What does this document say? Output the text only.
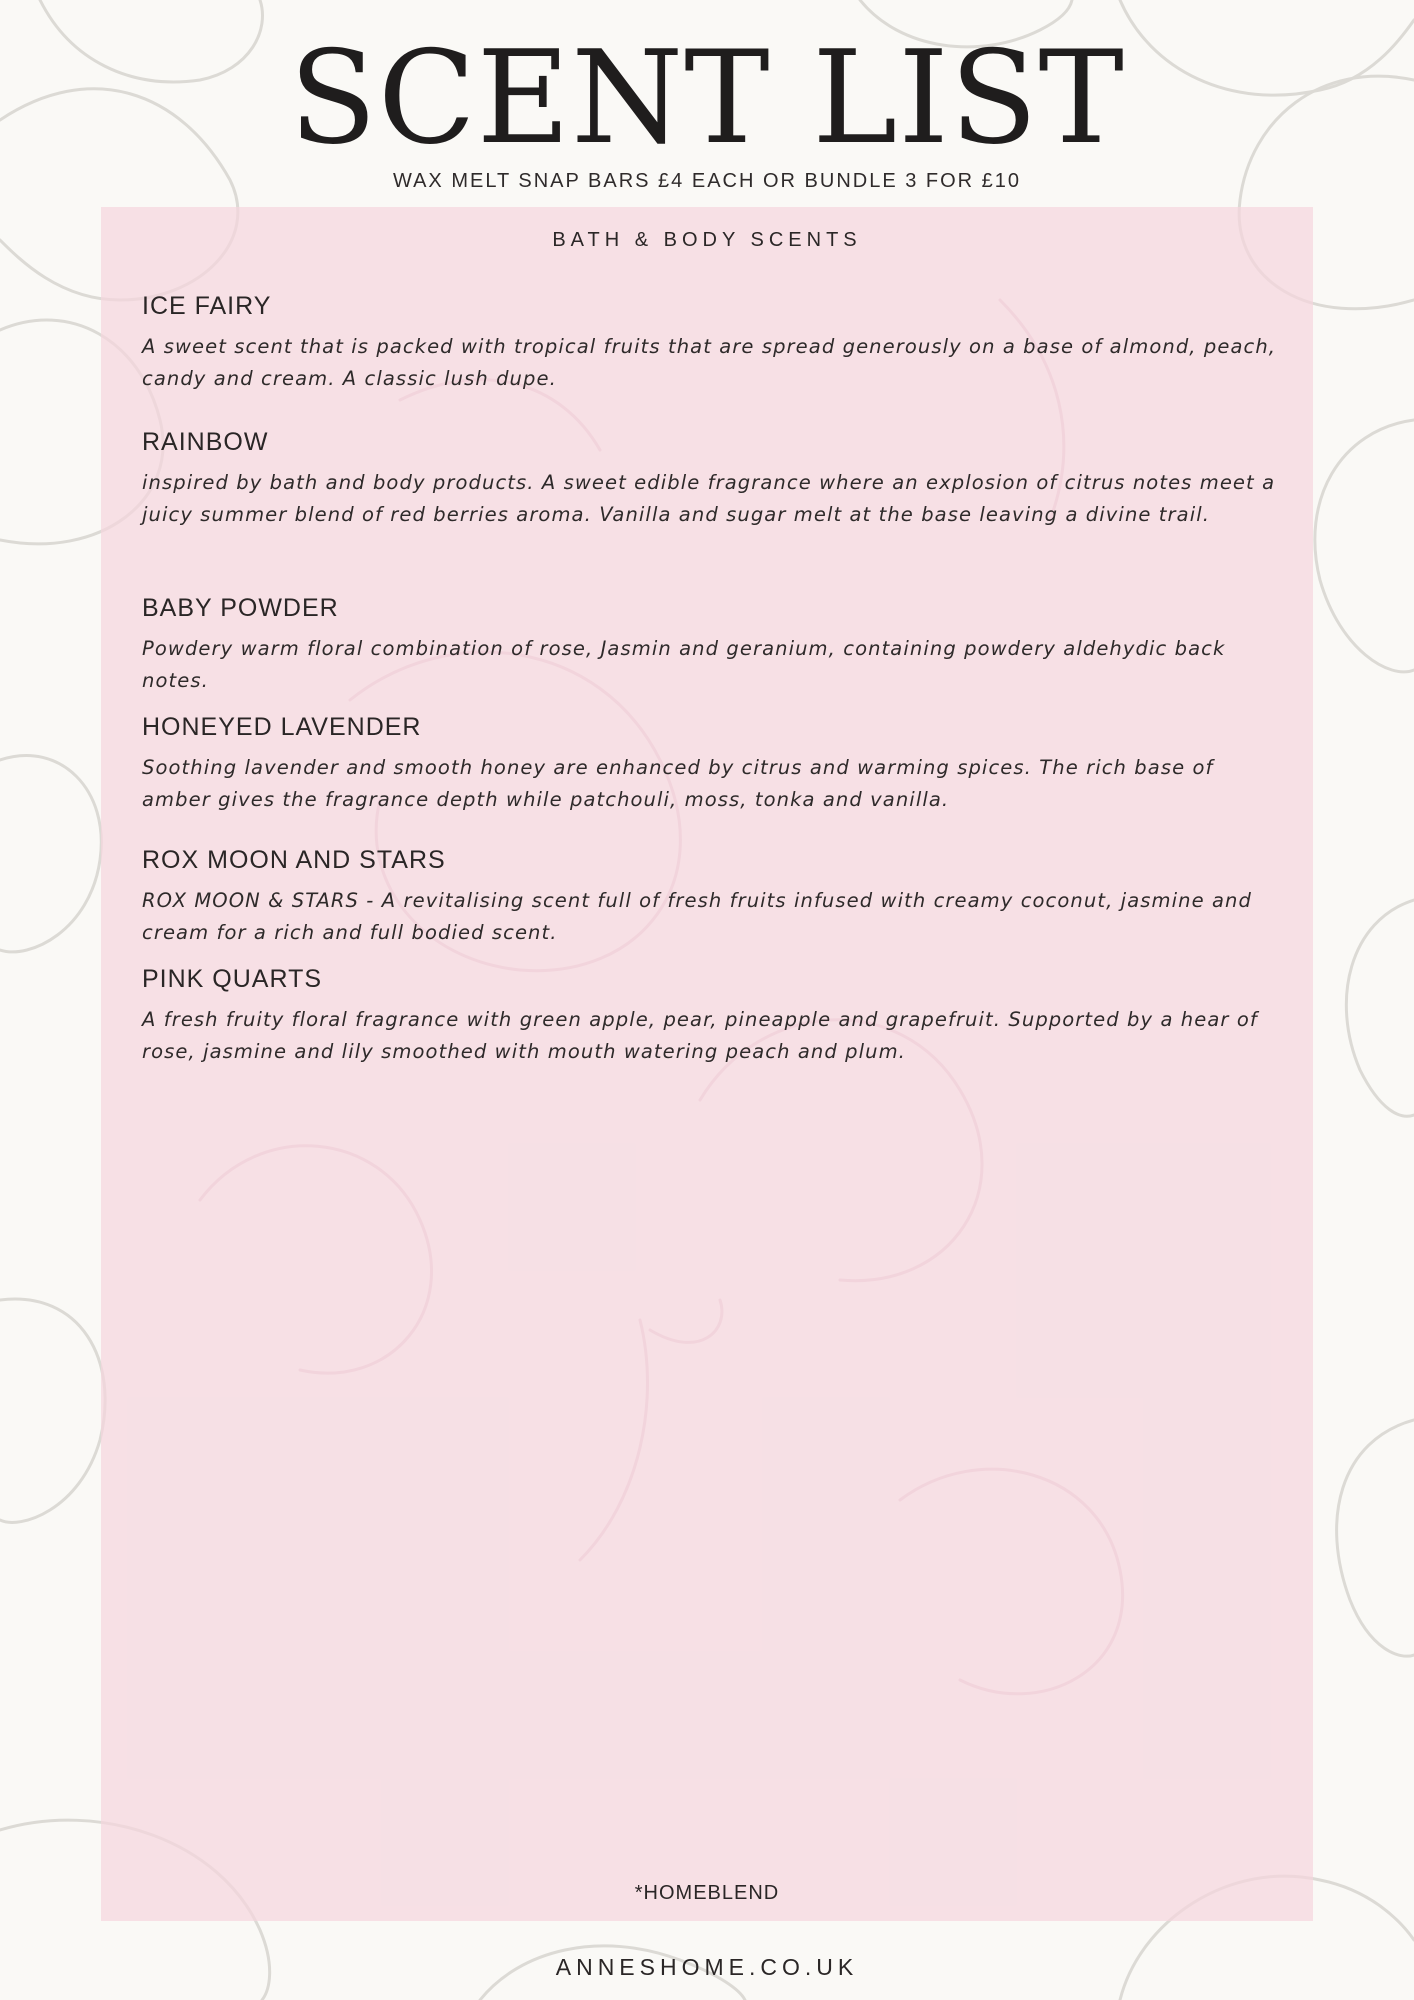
SCENT LIST
WAX MELT SNAP BARS £4 EACH OR BUNDLE 3 FOR £10
BATH & BODY SCENTS
ICE FAIRY
A sweet scent that is packed with tropical fruits that are spread generously on a base of almond, peach, candy and cream. A classic lush dupe.
RAINBOW
inspired by bath and body products. A sweet edible fragrance where an explosion of citrus notes meet a juicy summer blend of red berries aroma. Vanilla and sugar melt at the base leaving a divine trail.
BABY POWDER
Powdery warm floral combination of rose, Jasmin and geranium, containing powdery aldehydic back notes.
HONEYED LAVENDER
Soothing lavender and smooth honey are enhanced by citrus and warming spices. The rich base of amber gives the fragrance depth while patchouli, moss, tonka and vanilla.
ROX MOON AND STARS
ROX MOON & STARS - A revitalising scent full of fresh fruits infused with creamy coconut, jasmine and cream for a rich and full bodied scent.
PINK QUARTS
A fresh fruity floral fragrance with green apple, pear, pineapple and grapefruit. Supported by a hear of rose, jasmine and lily smoothed with mouth watering peach and plum.
*HOMEBLEND
ANNESHOME.CO.UK
